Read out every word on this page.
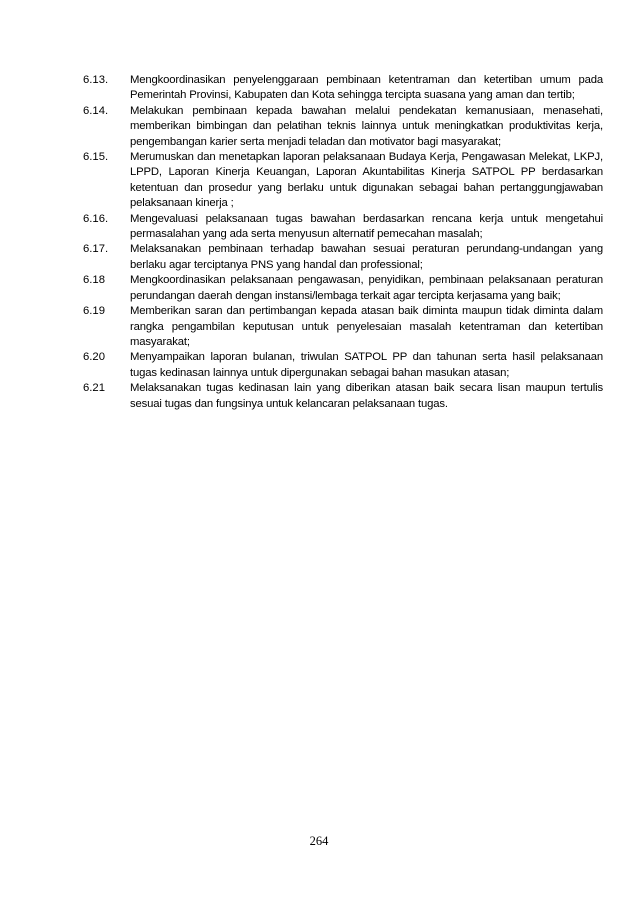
6.13.	Mengkoordinasikan penyelenggaraan pembinaan ketentraman dan ketertiban umum pada Pemerintah Provinsi, Kabupaten dan Kota sehingga tercipta suasana yang aman dan tertib;
6.14.	Melakukan pembinaan kepada bawahan melalui pendekatan kemanusiaan, menasehati, memberikan bimbingan dan pelatihan teknis lainnya untuk meningkatkan produktivitas kerja, pengembangan karier serta menjadi teladan dan motivator bagi masyarakat;
6.15.	Merumuskan dan menetapkan laporan pelaksanaan Budaya Kerja, Pengawasan Melekat, LKPJ, LPPD, Laporan Kinerja Keuangan, Laporan Akuntabilitas Kinerja SATPOL PP berdasarkan ketentuan dan prosedur yang berlaku untuk digunakan sebagai bahan pertanggungjawaban pelaksanaan kinerja ;
6.16.	Mengevaluasi pelaksanaan tugas bawahan berdasarkan rencana kerja untuk mengetahui permasalahan yang ada serta menyusun alternatif pemecahan masalah;
6.17.	Melaksanakan pembinaan terhadap bawahan sesuai peraturan perundang-undangan yang berlaku agar terciptanya PNS yang handal dan professional;
6.18	Mengkoordinasikan pelaksanaan pengawasan, penyidikan, pembinaan pelaksanaan peraturan perundangan daerah dengan instansi/lembaga terkait agar tercipta kerjasama yang baik;
6.19	Memberikan saran dan pertimbangan kepada atasan baik diminta maupun tidak diminta dalam rangka pengambilan keputusan untuk penyelesaian masalah ketentraman dan ketertiban masyarakat;
6.20	Menyampaikan laporan bulanan, triwulan SATPOL PP dan tahunan serta hasil pelaksanaan tugas kedinasan lainnya untuk dipergunakan sebagai bahan masukan atasan;
6.21	Melaksanakan tugas kedinasan lain yang diberikan atasan baik secara lisan maupun tertulis sesuai tugas dan fungsinya untuk kelancaran pelaksanaan tugas.
264
